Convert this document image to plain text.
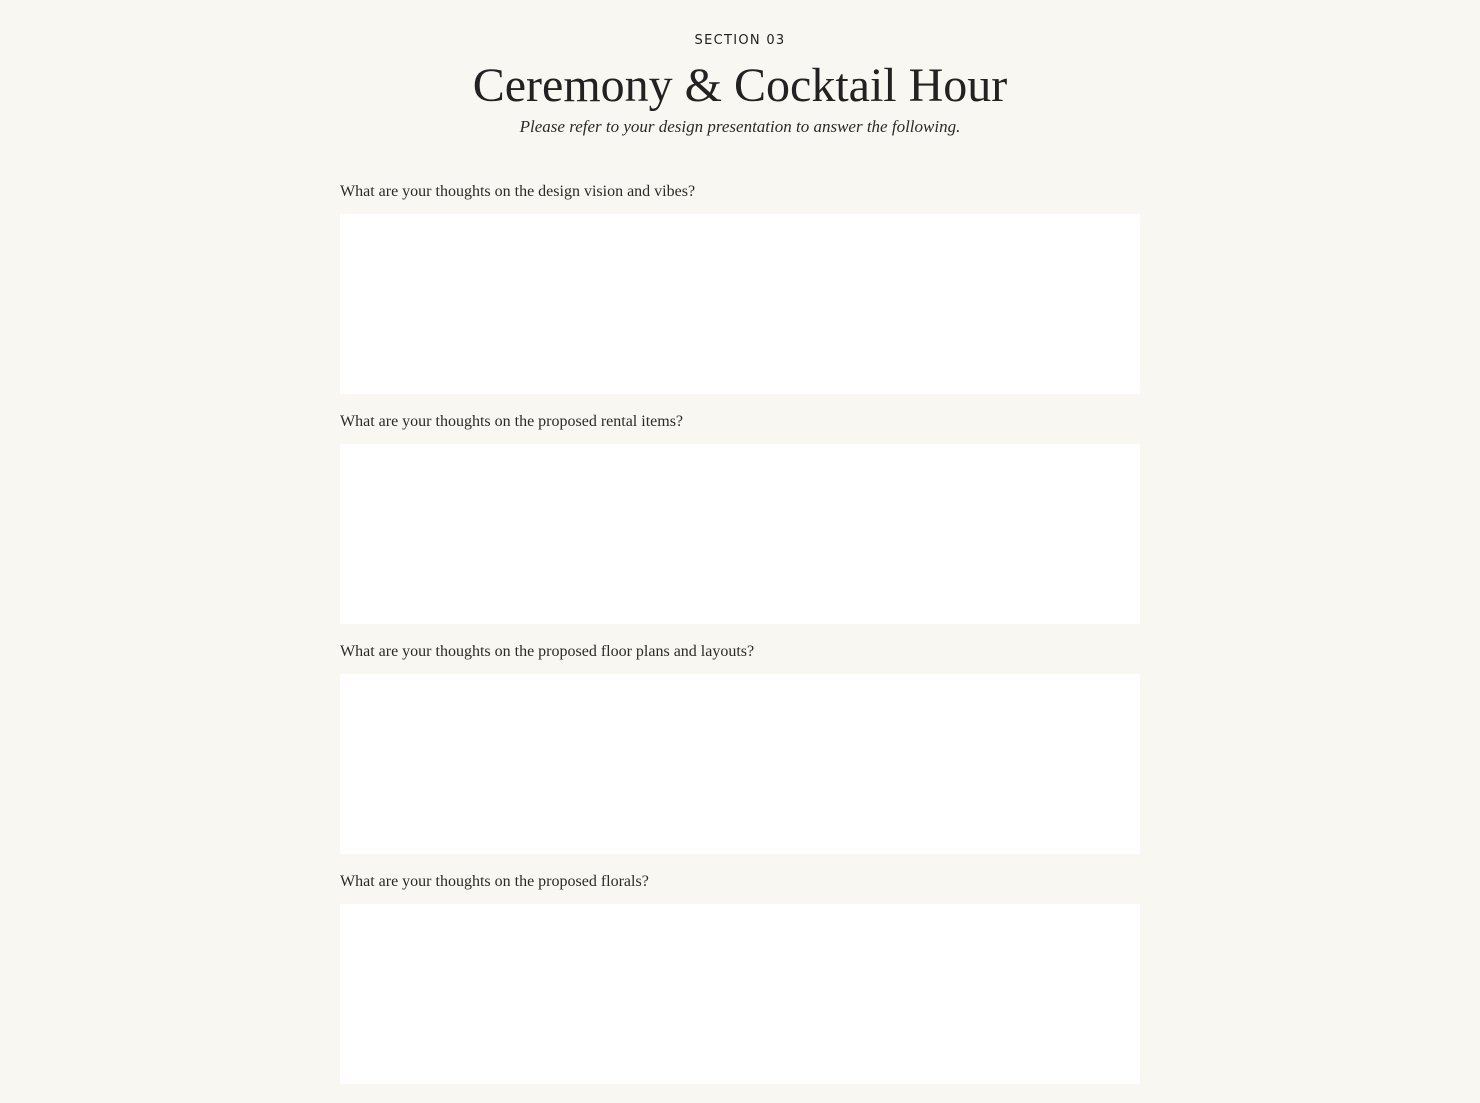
SECTION 03
Ceremony & Cocktail Hour
Please refer to your design presentation to answer the following.
What are your thoughts on the design vision and vibes?
What are your thoughts on the proposed rental items?
What are your thoughts on the proposed floor plans and layouts?
What are your thoughts on the proposed florals?
